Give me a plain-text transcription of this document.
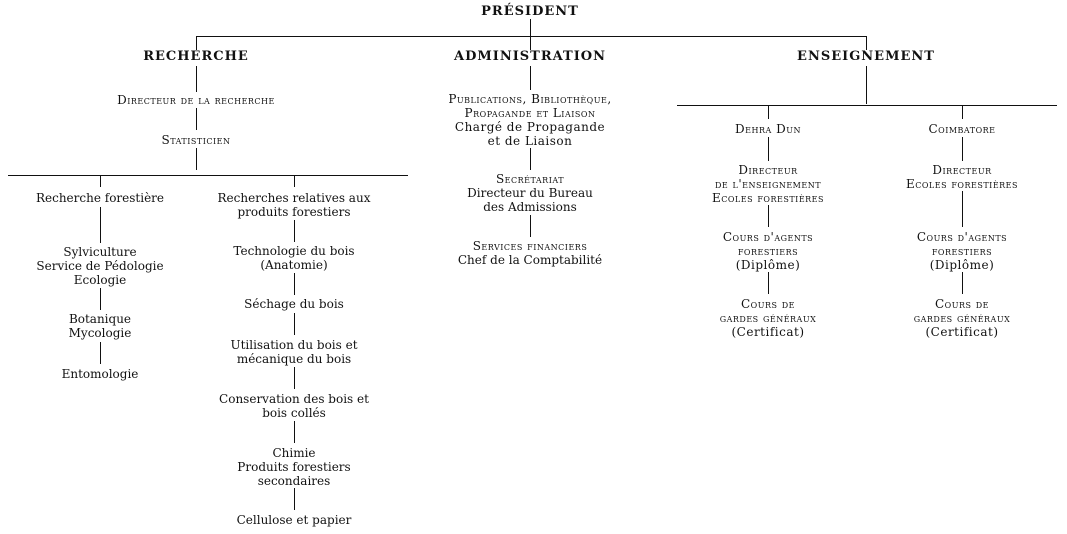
PRÉSIDENT
RECHERCHE	ADMINISTRATION	ENSEIGNEMENT
Directeur de la recherche
Statisticien
Recherche forestière
Sylviculture
Service de Pédologie
Ecologie
Botanique
Mycologie
Entomologie
Recherches relatives aux
produits forestiers
Technologie du bois
(Anatomie)
Séchage du bois
Utilisation du bois et
mécanique du bois
Conservation des bois et
bois collés
Chimie
Produits forestiers
secondaires
Cellulose et papier
Publications, Bibliothèque,
Propagande et Liaison
Chargé de Propagande
et de Liaison
Secrétariat
Directeur du Bureau
des Admissions
Services financiers
Chef de la Comptabilité
Dehra Dun
Directeur
de l'enseignement
Ecoles forestières
Cours d'agents
forestiers
(Diplôme)
Cours de
gardes généraux
(Certificat)
Coimbatore
Directeur
Ecoles forestières
Cours d'agents
forestiers
(Diplôme)
Cours de
gardes généraux
(Certificat)
